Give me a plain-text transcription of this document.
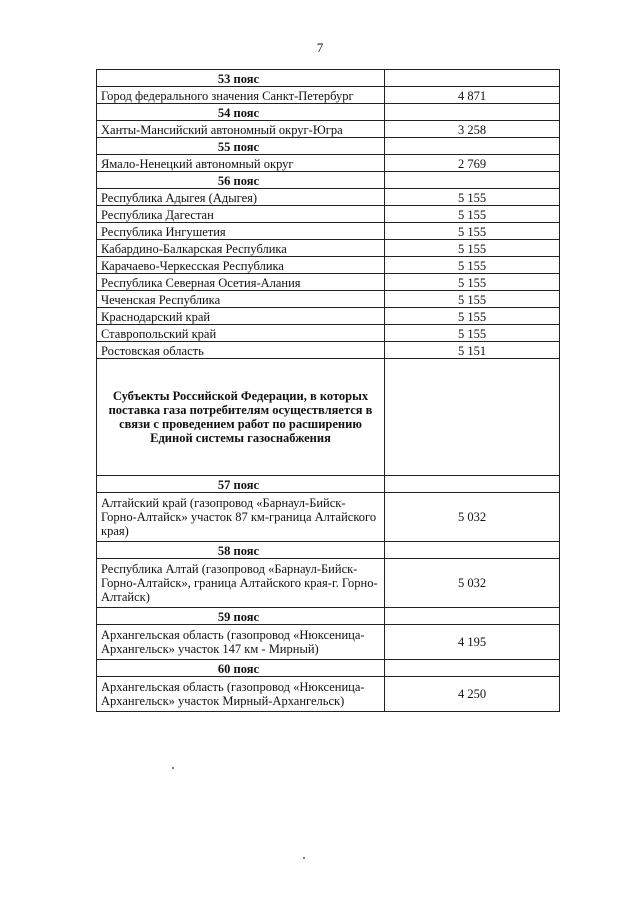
7
53 пояс	
Город федерального значения Санкт-Петербург	4 871
54 пояс	
Ханты-Мансийский автономный округ-Югра	3 258
55 пояс	
Ямало-Ненецкий автономный округ	2 769
56 пояс	
Республика Адыгея (Адыгея)	5 155
Республика Дагестан	5 155
Республика Ингушетия	5 155
Кабардино-Балкарская Республика	5 155
Карачаево-Черкесская Республика	5 155
Республика Северная Осетия-Алания	5 155
Чеченская Республика	5 155
Краснодарский край	5 155
Ставропольский край	5 155
Ростовская область	5 151
Субъекты Российской Федерации, в которых поставка газа потребителям осуществляется в связи с проведением работ по расширению Единой системы газоснабжения	
57 пояс	
Алтайский край (газопровод «Барнаул-Бийск-Горно-Алтайск» участок 87 км-граница Алтайского края)	5 032
58 пояс	
Республика Алтай (газопровод «Барнаул-Бийск-Горно-Алтайск», граница Алтайского края-г. Горно-Алтайск)	5 032
59 пояс	
Архангельская область (газопровод «Нюксеница-Архангельск» участок 147 км - Мирный)	4 195
60 пояс	
Архангельская область (газопровод «Нюксеница-Архангельск» участок Мирный-Архангельск)	4 250
